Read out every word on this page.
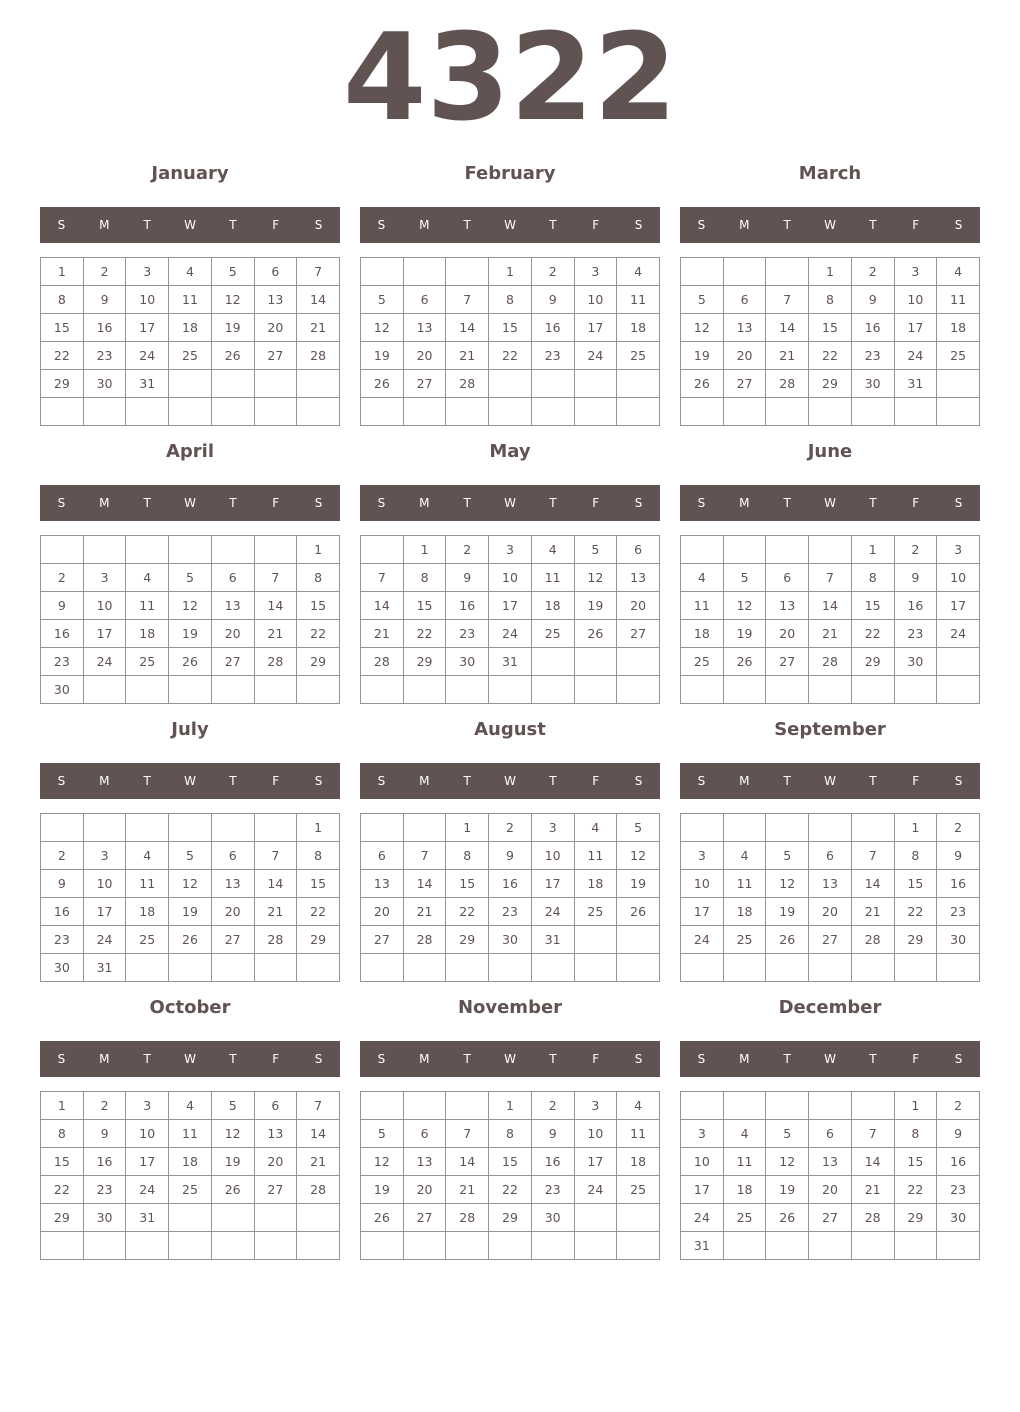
4322
January
S	M	T	W	T	F	S
1	2	3	4	5	6	7
8	9	10	11	12	13	14
15	16	17	18	19	20	21
22	23	24	25	26	27	28
29	30	31				

February
S	M	T	W	T	F	S
			1	2	3	4
5	6	7	8	9	10	11
12	13	14	15	16	17	18
19	20	21	22	23	24	25
26	27	28				

March
S	M	T	W	T	F	S
			1	2	3	4
5	6	7	8	9	10	11
12	13	14	15	16	17	18
19	20	21	22	23	24	25
26	27	28	29	30	31	

April
S	M	T	W	T	F	S
						1
2	3	4	5	6	7	8
9	10	11	12	13	14	15
16	17	18	19	20	21	22
23	24	25	26	27	28	29
30						
May
S	M	T	W	T	F	S
	1	2	3	4	5	6
7	8	9	10	11	12	13
14	15	16	17	18	19	20
21	22	23	24	25	26	27
28	29	30	31			

June
S	M	T	W	T	F	S
				1	2	3
4	5	6	7	8	9	10
11	12	13	14	15	16	17
18	19	20	21	22	23	24
25	26	27	28	29	30	

July
S	M	T	W	T	F	S
						1
2	3	4	5	6	7	8
9	10	11	12	13	14	15
16	17	18	19	20	21	22
23	24	25	26	27	28	29
30	31					
August
S	M	T	W	T	F	S
		1	2	3	4	5
6	7	8	9	10	11	12
13	14	15	16	17	18	19
20	21	22	23	24	25	26
27	28	29	30	31		

September
S	M	T	W	T	F	S
					1	2
3	4	5	6	7	8	9
10	11	12	13	14	15	16
17	18	19	20	21	22	23
24	25	26	27	28	29	30

October
S	M	T	W	T	F	S
1	2	3	4	5	6	7
8	9	10	11	12	13	14
15	16	17	18	19	20	21
22	23	24	25	26	27	28
29	30	31				

November
S	M	T	W	T	F	S
			1	2	3	4
5	6	7	8	9	10	11
12	13	14	15	16	17	18
19	20	21	22	23	24	25
26	27	28	29	30		

December
S	M	T	W	T	F	S
					1	2
3	4	5	6	7	8	9
10	11	12	13	14	15	16
17	18	19	20	21	22	23
24	25	26	27	28	29	30
31						
